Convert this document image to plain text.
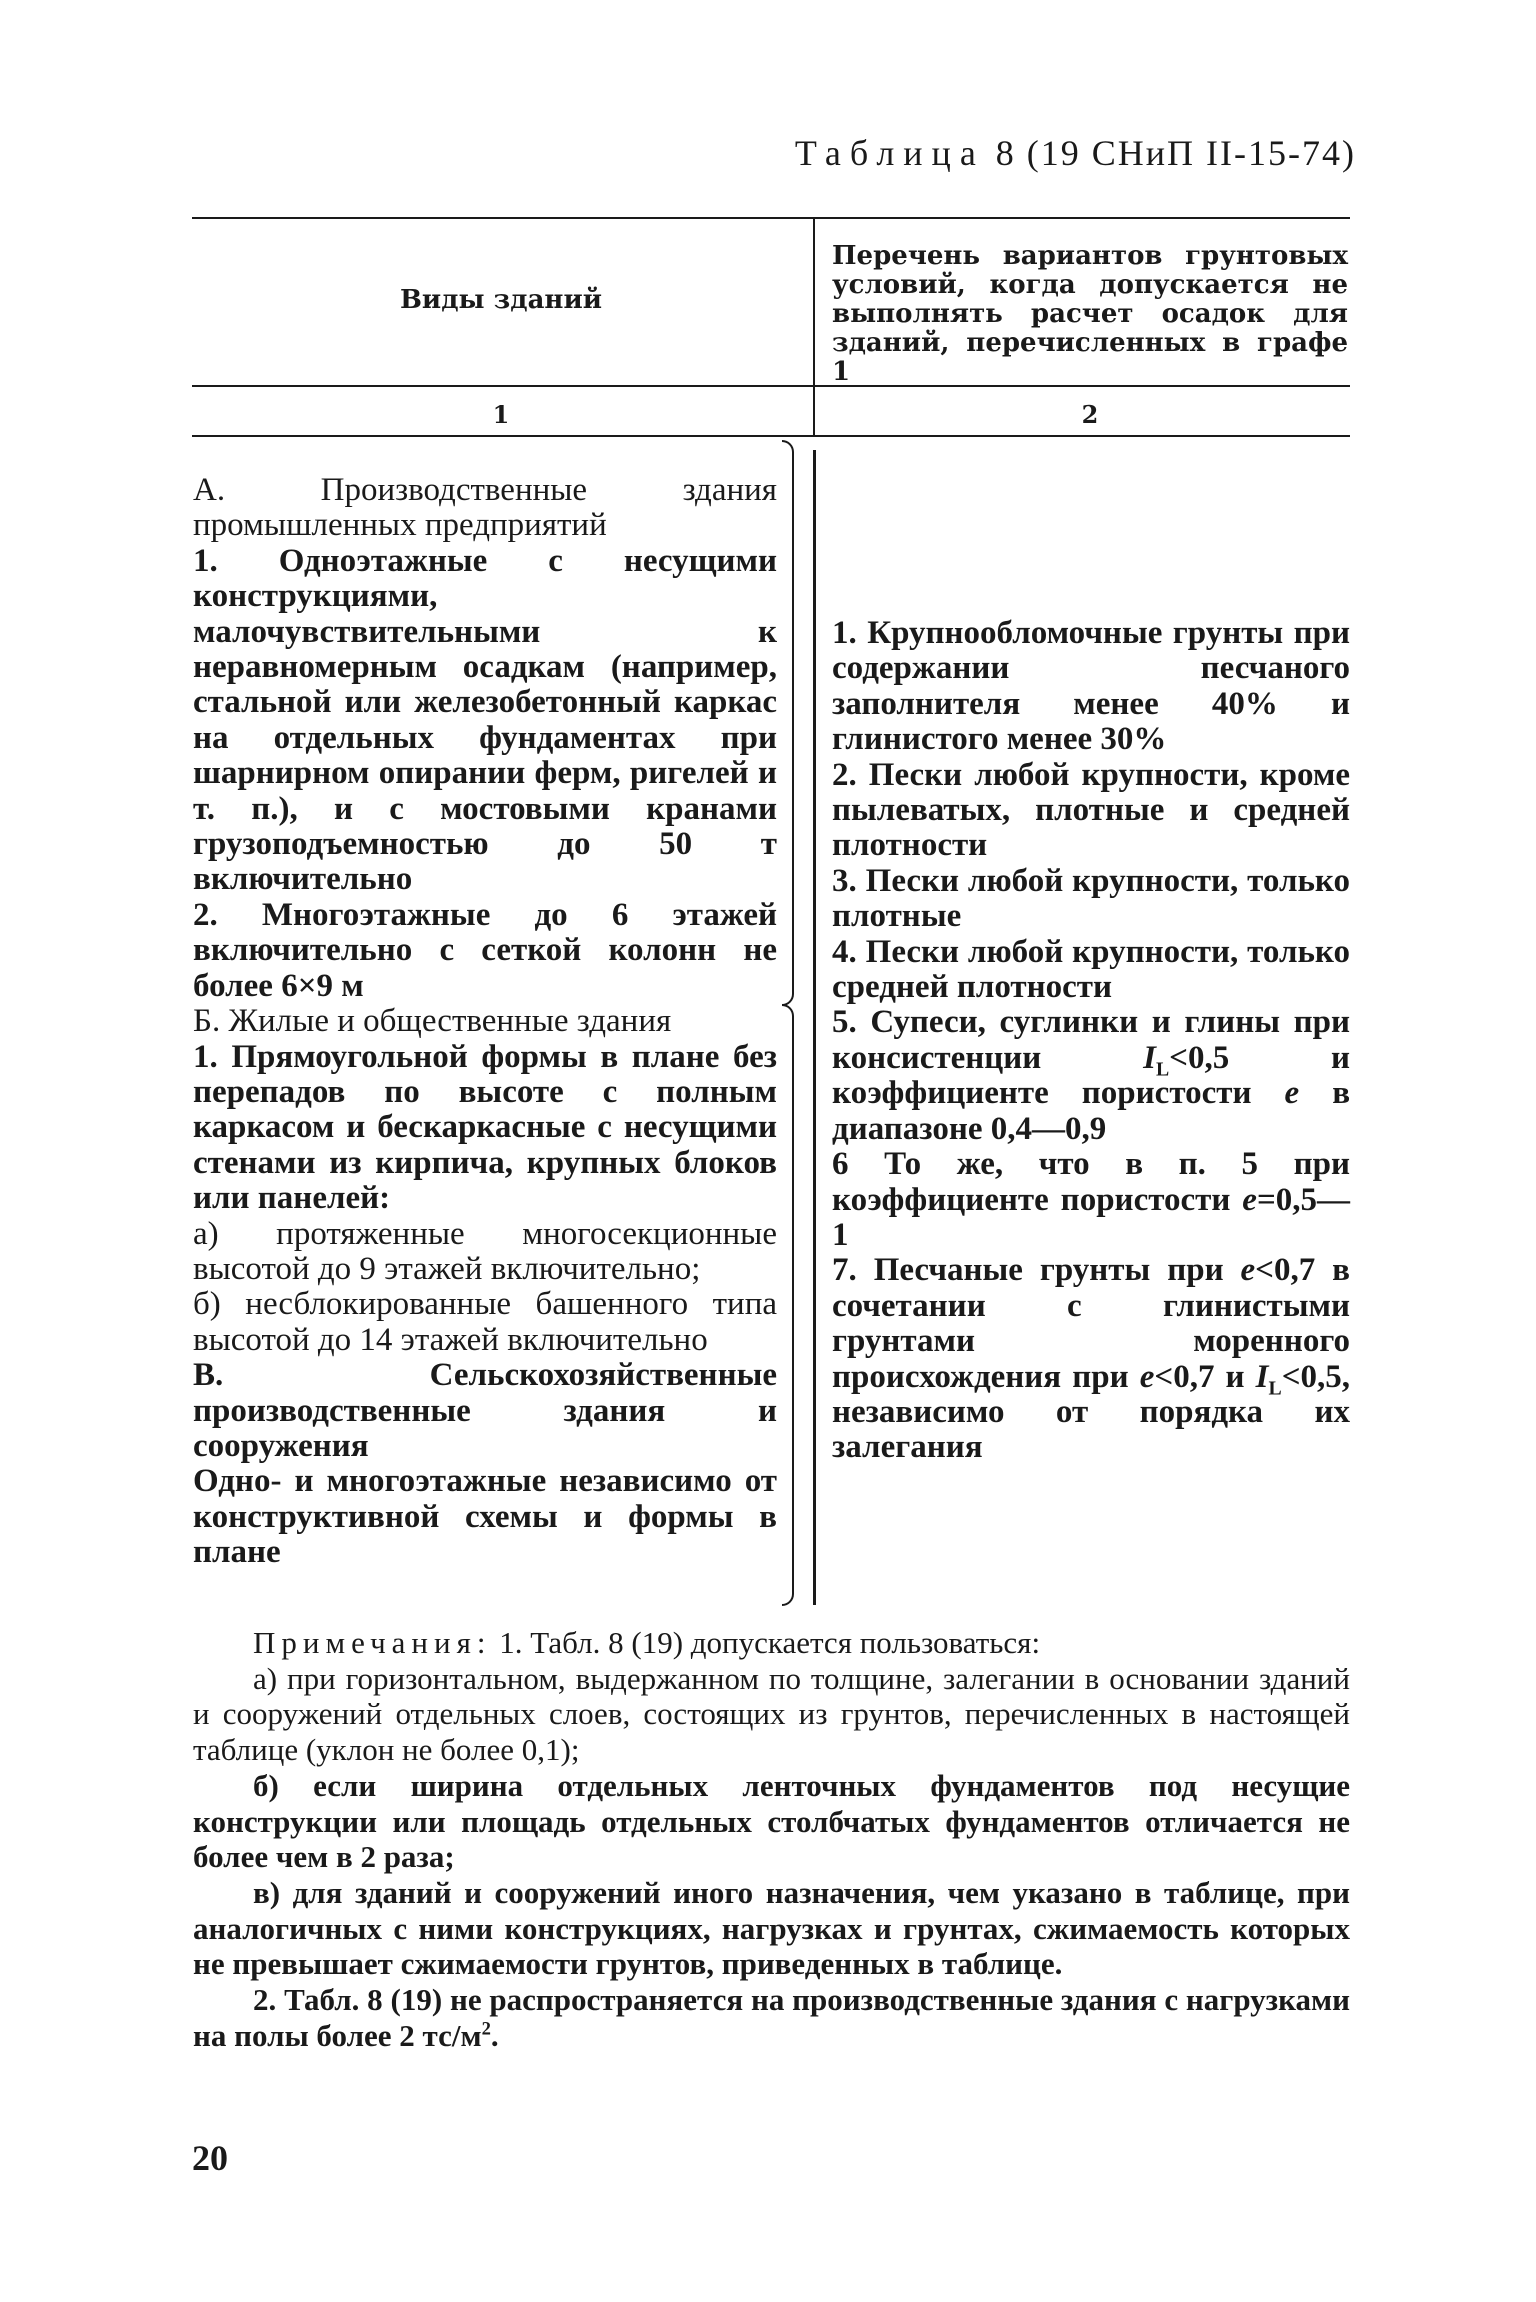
Таблица 8 (19 СНиП II-15-74)
Виды зданий
Перечень вариантов грунтовых условий, когда допускается не выполнять расчет осадок для зданий, перечисленных в графе 1
1	2

А. Производственные здания промышленных предприятий

1. Одноэтажные с несущими конструкциями, малочувствительными к неравномерным осадкам (например, стальной или железобетонный каркас на отдельных фундаментах при шарнирном опирании ферм, ригелей и т. п.), и с мостовыми кранами грузоподъемностью до 50 т включительно

2. Многоэтажные до 6 этажей включительно с сеткой колонн не более 6×9 м

Б. Жилые и общественные здания

1. Прямоугольной формы в плане без перепадов по высоте с полным каркасом и бескаркасные с несущими стенами из кирпича, крупных блоков или панелей:

а) протяженные многосекционные высотой до 9 этажей включительно;

б) несблокированные башенного типа высотой до 14 этажей включительно

В. Сельскохозяйственные производственные здания и сооружения

Одно- и многоэтажные независимо от конструктивной схемы и формы в плане

1. Крупнообломочные грунты при содержании песчаного заполнителя менее 40% и глинистого менее 30%

2. Пески любой крупности, кроме пылеватых, плотные и средней плотности

3. Пески любой крупности, только плотные

4. Пески любой крупности, только средней плотности

5. Супеси, суглинки и глины при консистенции	$I_L<0,5$ и коэффициенте пористости e в диапазоне 0,4—0,9

6 То же, что в п. 5 при коэффициенте пористости e=0,5—1

7. Песчаные грунты при e<0,7 в сочетании с глинистыми грунтами моренного происхождения при e<0,7 и $I_L<0,5$, независимо от порядка их залегания

Примечания: 1. Табл. 8 (19) допускается пользоваться:

а) при горизонтальном, выдержанном по толщине, залегании в основании зданий и сооружений отдельных слоев, состоящих из грунтов, перечисленных в настоящей таблице (уклон не более 0,1);

б) если ширина отдельных ленточных фундаментов под несущие конструкции или площадь отдельных столбчатых фундаментов отличается не более чем в 2 раза;

в) для зданий и сооружений иного назначения, чем указано в таблице, при аналогичных с ними конструкциях, нагрузках и грунтах, сжимаемость которых не превышает сжимаемости грунтов, приведенных в таблице.

2. Табл. 8 (19) не распространяется на производственные здания с нагрузками на полы более 2 $тс/м^2$.

20
